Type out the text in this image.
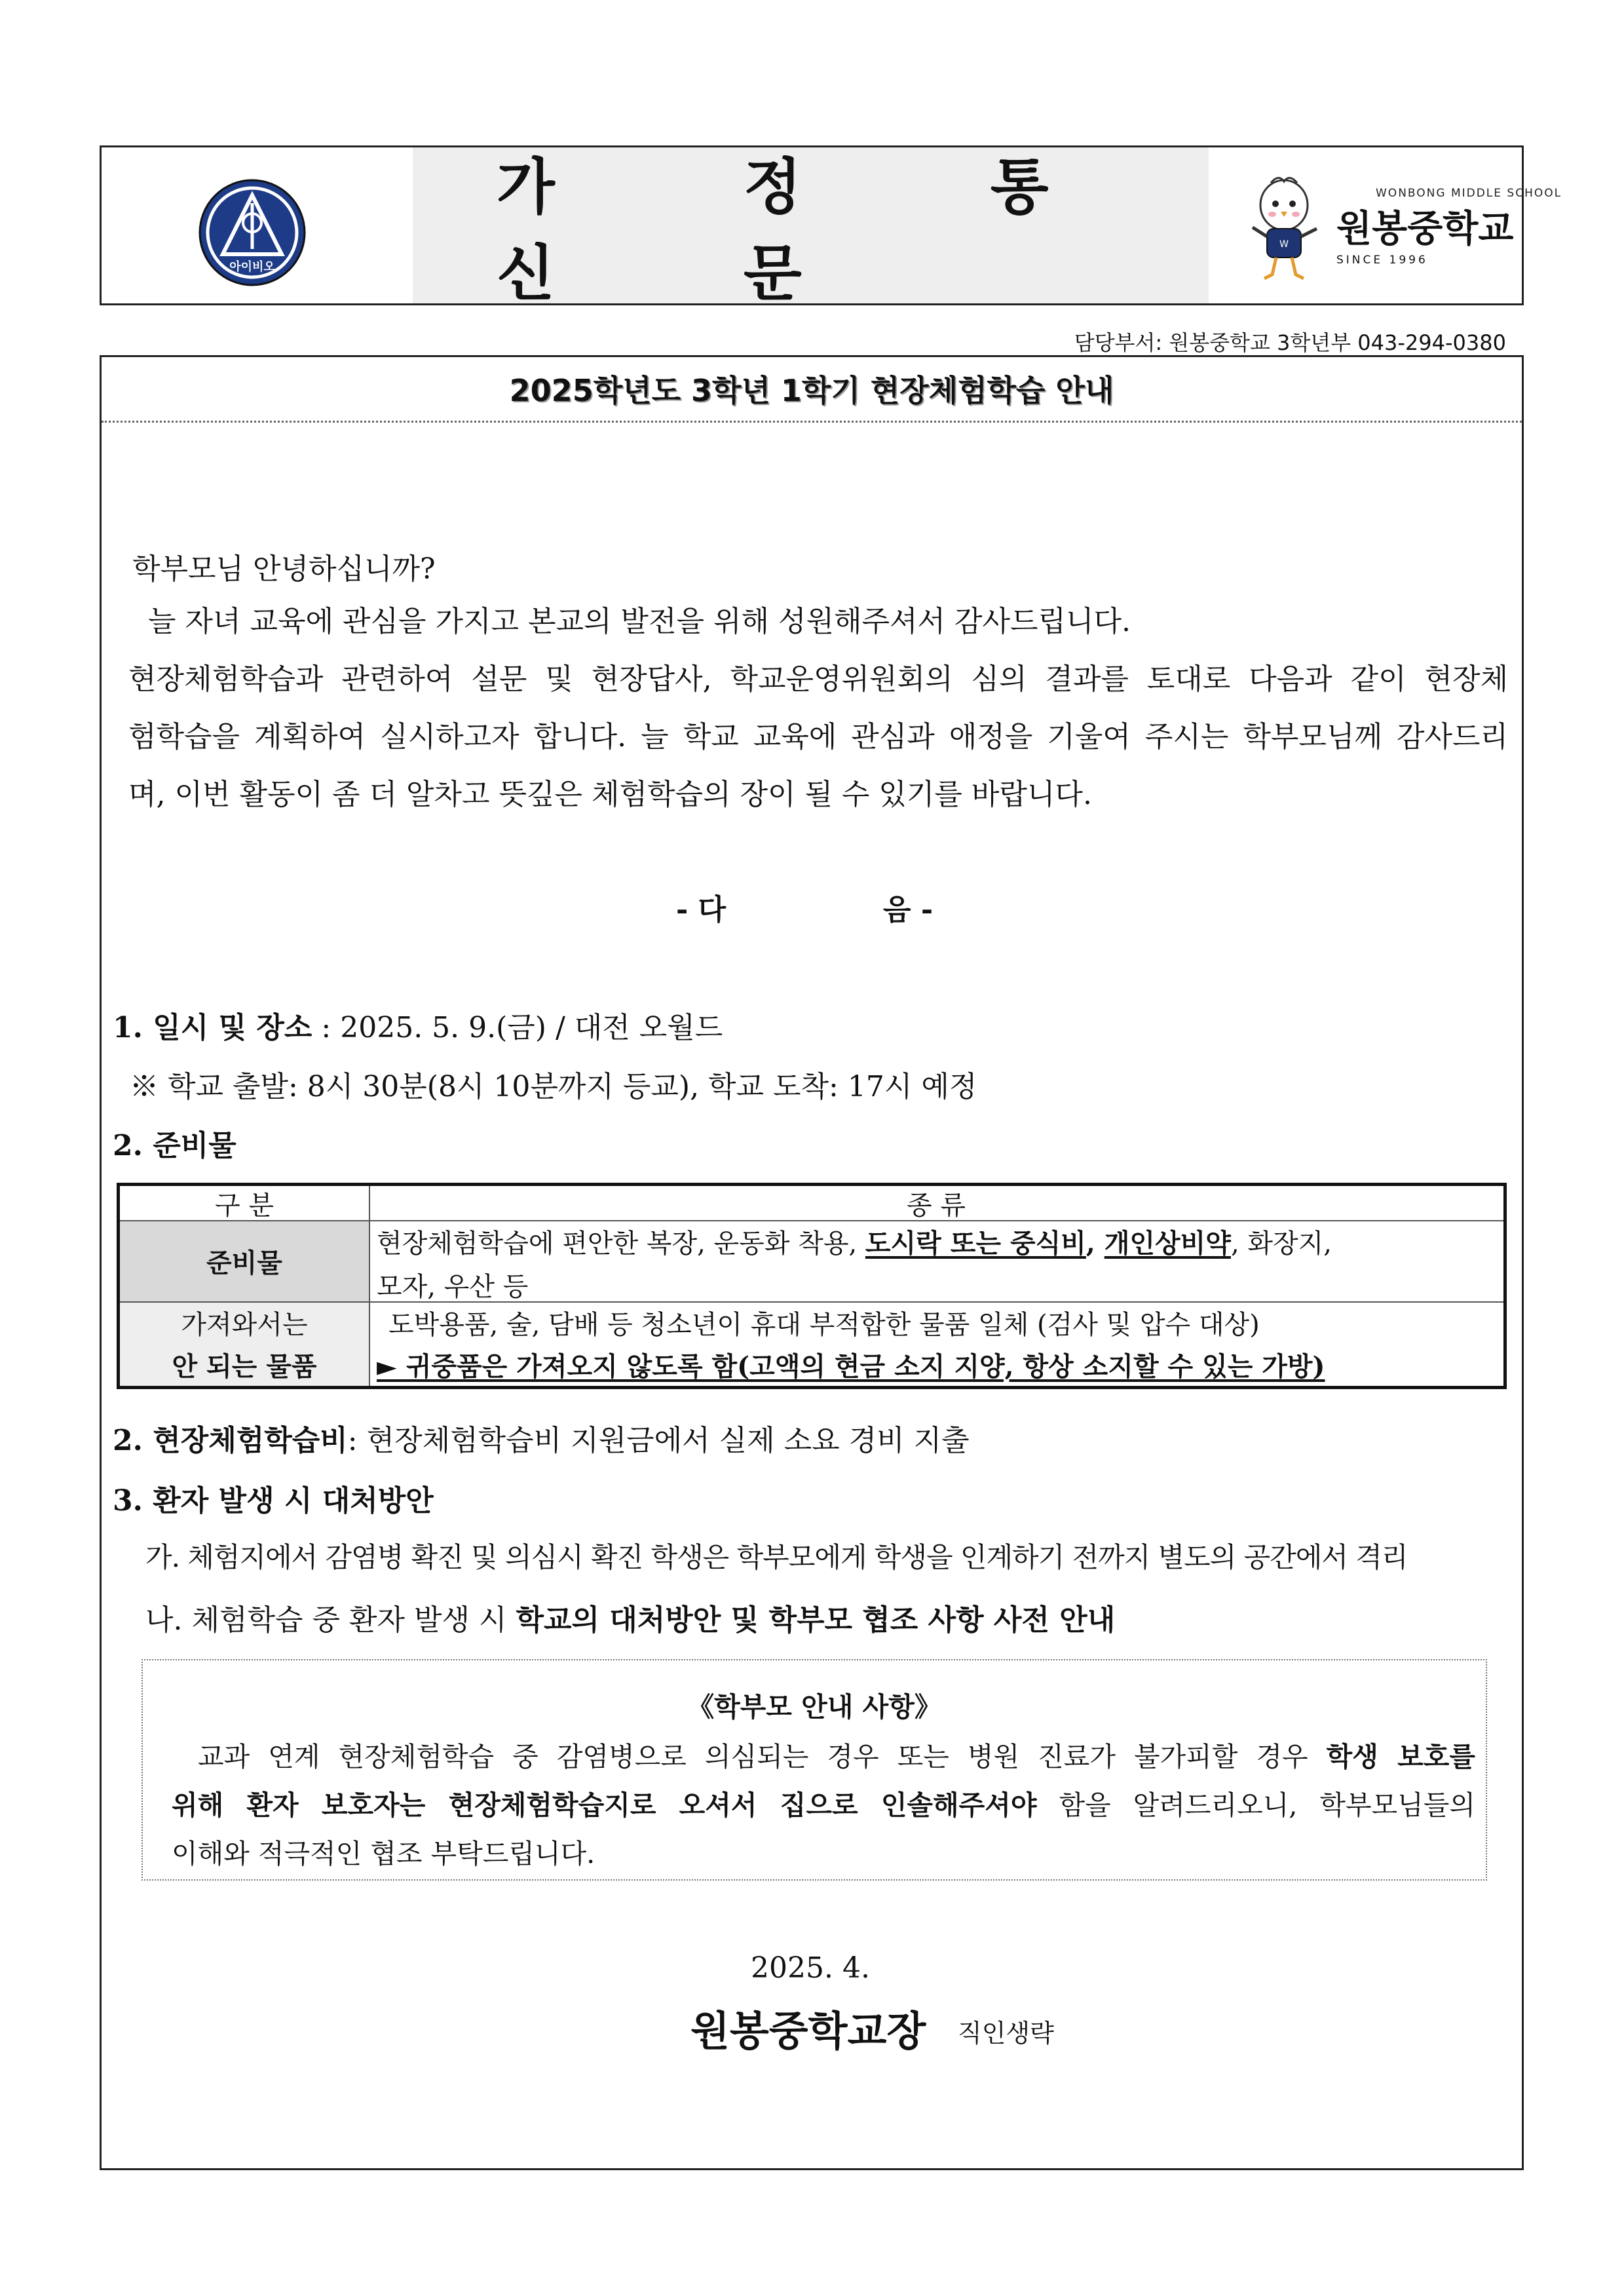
가 정 통 신 문
아이비오
W
WONBONG MIDDLE SCHOOL
원봉중학교
SINCE 1996
담당부서: 원봉중학교 3학년부 043-294-0380
2025학년도 3학년 1학기 현장체험학습 안내
학부모님 안녕하십니까?
늘 자녀 교육에 관심을 가지고 본교의 발전을 위해 성원해주셔서 감사드립니다.
현장체험학습과 관련하여 설문 및 현장답사, 학교운영위원회의 심의 결과를 토대로 다음과 같이 현장체
험학습을 계획하여 실시하고자 합니다. 늘 학교 교육에 관심과 애정을 기울여 주시는 학부모님께 감사드리
며, 이번 활동이 좀 더 알차고 뜻깊은 체험학습의 장이 될 수 있기를 바랍니다.
- 다	음 -
1. 일시 및 장소 : 2025. 5. 9.(금) / 대전 오월드
※ 학교 출발: 8시 30분(8시 10분까지 등교), 학교 도착: 17시 예정
2. 준비물
구 분	종 류
준비물
현장체험학습에 편안한 복장, 운동화 착용, 도시락 또는 중식비, 개인상비약, 화장지,
모자, 우산 등
가져와서는
안 되는 물품
도박용품, 술, 담배 등 청소년이 휴대 부적합한 물품 일체 (검사 및 압수 대상)
► 귀중품은 가져오지 않도록 함(고액의 현금 소지 지양, 항상 소지할 수 있는 가방)
2. 현장체험학습비: 현장체험학습비 지원금에서 실제 소요 경비 지출
3. 환자 발생 시 대처방안
가. 체험지에서 감염병 확진 및 의심시 확진 학생은 학부모에게 학생을 인계하기 전까지 별도의 공간에서 격리
나. 체험학습 중 환자 발생 시 학교의 대처방안 및 학부모 협조 사항 사전 안내
《학부모 안내 사항》
교과 연계 현장체험학습 중 감염병으로 의심되는 경우 또는 병원 진료가 불가피할 경우 학생 보호를
위해 환자 보호자는 현장체험학습지로 오셔서 집으로 인솔해주셔야 함을 알려드리오니, 학부모님들의
이해와 적극적인 협조 부탁드립니다.
2025. 4.
원봉중학교장 직인생략
